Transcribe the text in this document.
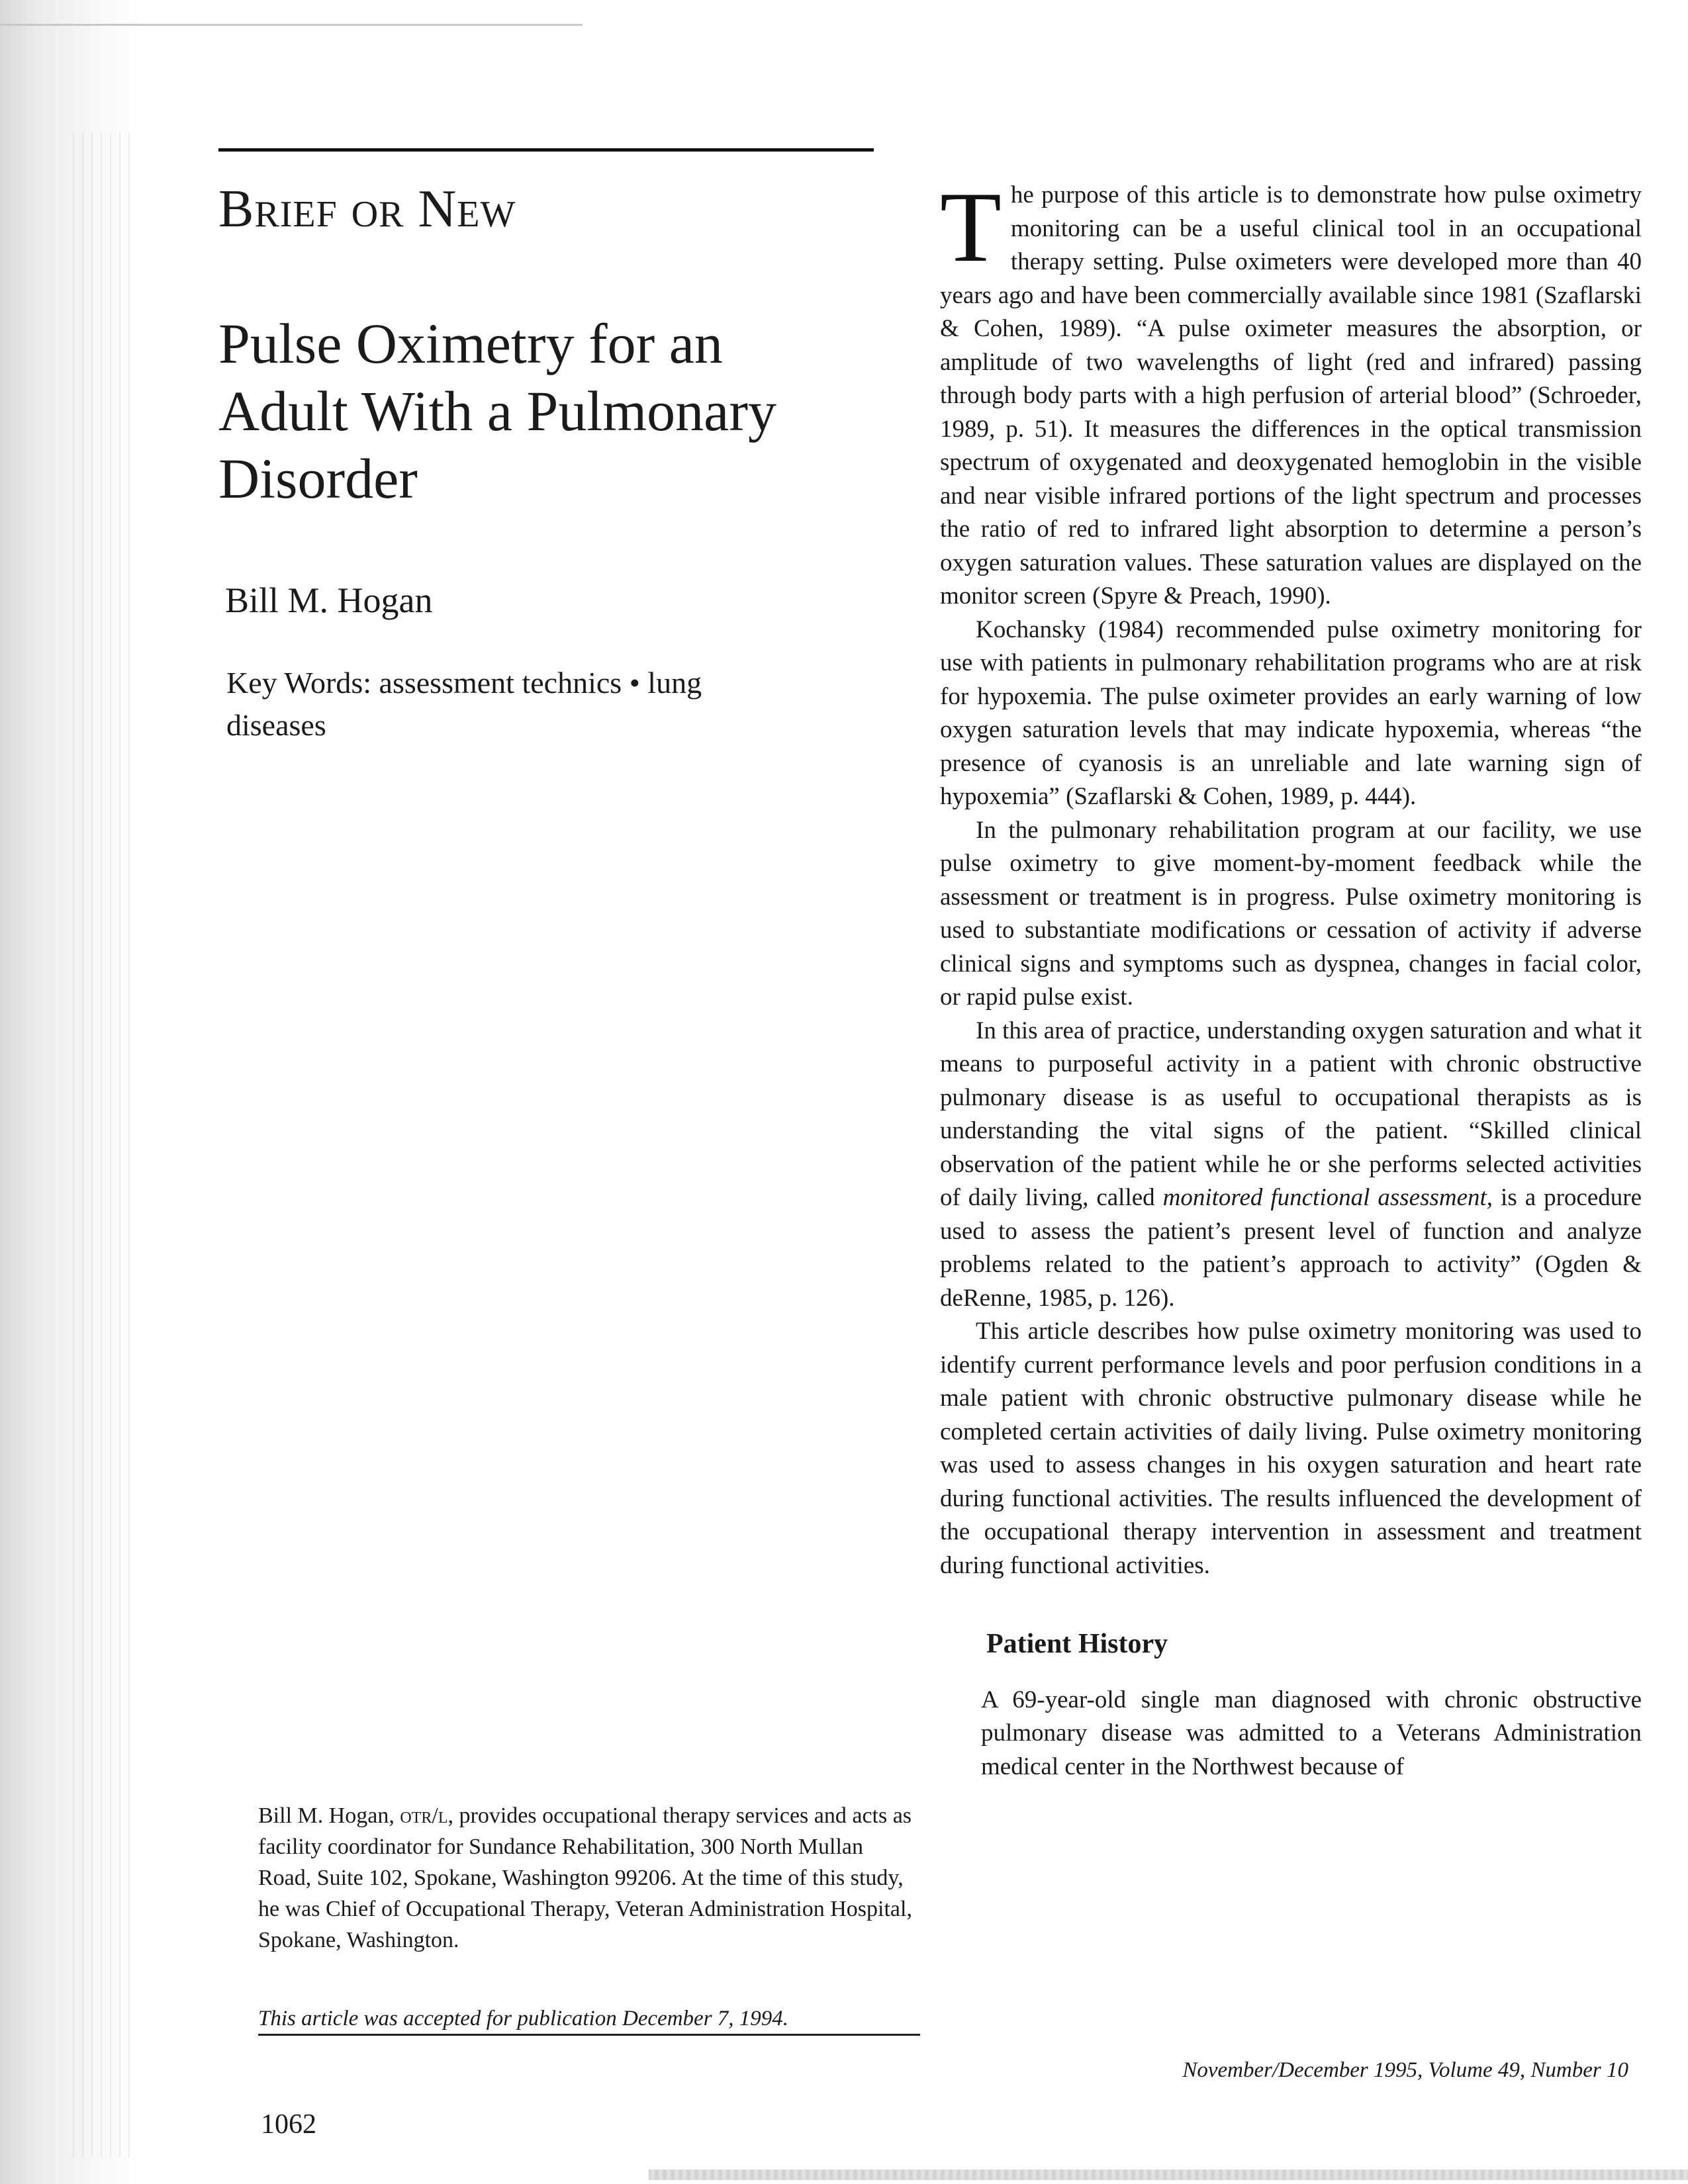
Brief or New
Pulse Oximetry for an
Adult With a Pulmonary
Disorder
Bill M. Hogan
Key Words: assessment technics • lung diseases

The purpose of this article is to demonstrate how pulse oximetry monitoring can be a useful clinical tool in an occupational therapy setting. Pulse oximeters were developed more than 40 years ago and have been commercially available since 1981 (Szaflarski & Cohen, 1989). “A pulse oximeter measures the absorption, or amplitude of two wavelengths of light (red and infrared) passing through body parts with a high perfusion of arterial blood” (Schroeder, 1989, p. 51). It measures the differences in the optical transmission spectrum of oxygenated and deoxygenated hemoglobin in the visible and near visible infrared portions of the light spectrum and processes the ratio of red to infrared light absorption to determine a person’s oxygen saturation values. These saturation values are displayed on the monitor screen (Spyre & Preach, 1990).

Kochansky (1984) recommended pulse oximetry monitoring for use with patients in pulmonary rehabilitation programs who are at risk for hypoxemia. The pulse oximeter provides an early warning of low oxygen saturation levels that may indicate hypoxemia, whereas “the presence of cyanosis is an unreliable and late warning sign of hypoxemia” (Szaflarski & Cohen, 1989, p. 444).

In the pulmonary rehabilitation program at our facility, we use pulse oximetry to give moment-by-moment feedback while the assessment or treatment is in progress. Pulse oximetry monitoring is used to substantiate modifications or cessation of activity if adverse clinical signs and symptoms such as dyspnea, changes in facial color, or rapid pulse exist.

In this area of practice, understanding oxygen saturation and what it means to purposeful activity in a patient with chronic obstructive pulmonary disease is as useful to occupational therapists as is understanding the vital signs of the patient. “Skilled clinical observation of the patient while he or she performs selected activities of daily living, called monitored functional assessment, is a procedure used to assess the patient’s present level of function and analyze problems related to the patient’s approach to activity” (Ogden & deRenne, 1985, p. 126).

This article describes how pulse oximetry monitoring was used to identify current performance levels and poor perfusion conditions in a male patient with chronic obstructive pulmonary disease while he completed certain activities of daily living. Pulse oximetry monitoring was used to assess changes in his oxygen saturation and heart rate during functional activities. The results influenced the development of the occupational therapy intervention in assessment and treatment during functional activities.

Patient History

A 69-year-old single man diagnosed with chronic obstructive pulmonary disease was admitted to a Veterans Administration medical center in the Northwest because of

Bill M. Hogan, otr/l, provides occupational therapy services and acts as facility coordinator for Sundance Rehabilitation, 300 North Mullan Road, Suite 102, Spokane, Washington 99206. At the time of this study, he was Chief of Occupational Therapy, Veteran Administration Hospital, Spokane, Washington.
This article was accepted for publication December 7, 1994.
1062
November/December 1995, Volume 49, Number 10
